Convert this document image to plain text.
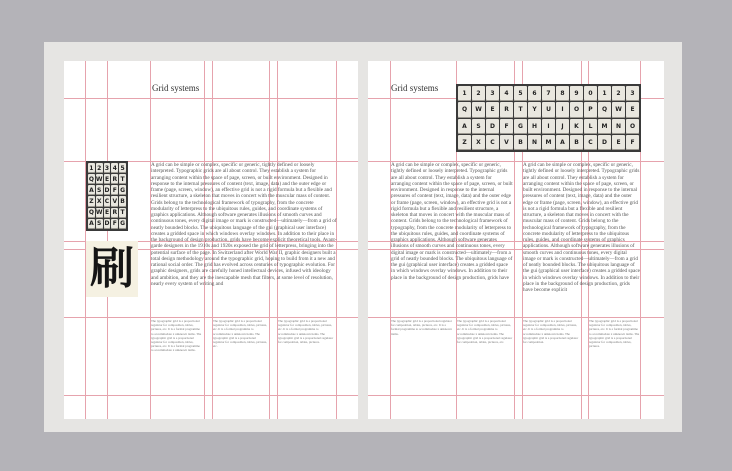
Grid systems
1 2 3 4 5
Q W E R T
A S D F G
Z X C V B
Q W E R T
A S D F G
刷
A grid can be simple or complex, specific or generic, tightly defined or loosely interpreted. Typographic grids are all about control. They establish a system for arranging content within the space of page, screen, or built environment. Designed in response to the internal pressures of content (text, image, data) and the outer edge or frame (page, screen, window), an effective grid is not a rigid formula but a flexible and resilient structure, a skeleton that moves in concert with the muscular mass of content. Grids belong to the technological framework of typography, from the concrete modularity of letterpress to the ubiquitous rules, guides, and coordinate systems of graphics applications. Although software generates illusions of smooth curves and continuous tones, every digital image or mark is constructed—ultimately—from a grid of neatly bounded blocks. The ubiquitous language of the gui (graphical user interface) creates a gridded space in which windows overlay windows. In addition to their place in the background of design production, grids have become explicit theoretical tools. Avant-garde designers in the 1910s and 1920s exposed the grid of letterpress, bringing into the potential surface of the page. In Switzerland after World War II, graphic designers built a total design methodology around the typographic grid, hoping to build from it a new and rational social order. The grid has evolved across centuries of typographic evolution. For graphic designers, grids are carefully honed intellectual devices, infused with ideology and ambition, and they are the inescapable mesh that filters, at some level of resolution, nearly every system of writing and
The typographic grid is a proportional regulator for composition, tables, pictures, etc. It is a formal programme to accommodate x unknown items. The typographic grid is a proportional regulator for composition, tables, pictures, etc. It is a formal programme to accommodate x unknown items.
The typographic grid is a proportional regulator for composition, tables, pictures, etc. It is a formal programme to accommodate x unknown items. The typographic grid is a proportional regulator for composition, tables, pictures, etc.
The typographic grid is a proportional regulator for composition, tables, pictures, etc. It is a formal programme to accommodate x unknown items. The typographic grid is a proportional regulator for composition, tables, pictures.
Grid systems
1	2	3	4	5	6	7	8	9	0	1	2	3
Q	W	E	R	T	Y	U	I	O	P	Q	W	E
A	S	D	F	G	H	I	J	K	L	M	N	O
Z	X	C	V	B	N	M	A	B	C	D	E	F
A grid can be simple or complex, specific or generic, tightly defined or loosely interpreted. Typographic grids are all about control. They establish a system for arranging content within the space of page, screen, or built environment. Designed in response to the internal pressures of content (text, image, data) and the outer edge or frame (page, screen, window), an effective grid is not a rigid formula but a flexible and resilient structure, a skeleton that moves in concert with the muscular mass of content. Grids belong to the technological framework of typography, from the concrete modularity of letterpress to the ubiquitous rules, guides, and coordinate systems of graphics applications. Although software generates illusions of smooth curves and continuous tones, every digital image or mark is constructed—ultimately—from a grid of neatly bounded blocks. The ubiquitous language of the gui (graphical user interface) creates a gridded space in which windows overlay windows. In addition to their place in the background of design production, grids have
A grid can be simple or complex, specific or generic, tightly defined or loosely interpreted. Typographic grids are all about control. They establish a system for arranging content within the space of page, screen, or built environment. Designed in response to the internal pressures of content (text, image, data) and the outer edge or frame (page, screen, window), an effective grid is not a rigid formula but a flexible and resilient structure, a skeleton that moves in concert with the muscular mass of content. Grids belong to the technological framework of typography, from the concrete modularity of letterpress to the ubiquitous rules, guides, and coordinate systems of graphics applications. Although software generates illusions of smooth curves and continuous tones, every digital image or mark is constructed—ultimately—from a grid of neatly bounded blocks. The ubiquitous language of the gui (graphical user interface) creates a gridded space in which windows overlay windows. In addition to their place in the background of design production, grids have become explicit
The typographic grid is a proportional regulator for composition, tables, pictures, etc. It is a formal programme to accommodate x unknown items. The typographic grid is a proportional regulator for composition, tables, pictures, etc.
The typographic grid is a proportional regulator for composition, tables, pictures, etc. It is a formal programme to accommodate x unknown items. The typographic grid is a proportional regulator for composition.
The typographic grid is a proportional regulator for composition, tables, pictures, etc. It is a formal programme to accommodate x unknown items. The typographic grid is a proportional regulator for composition, tables, pictures.
The typographic grid is a proportional regulator for composition, tables, pictures, etc. It is a formal programme to accommodate x unknown items.
